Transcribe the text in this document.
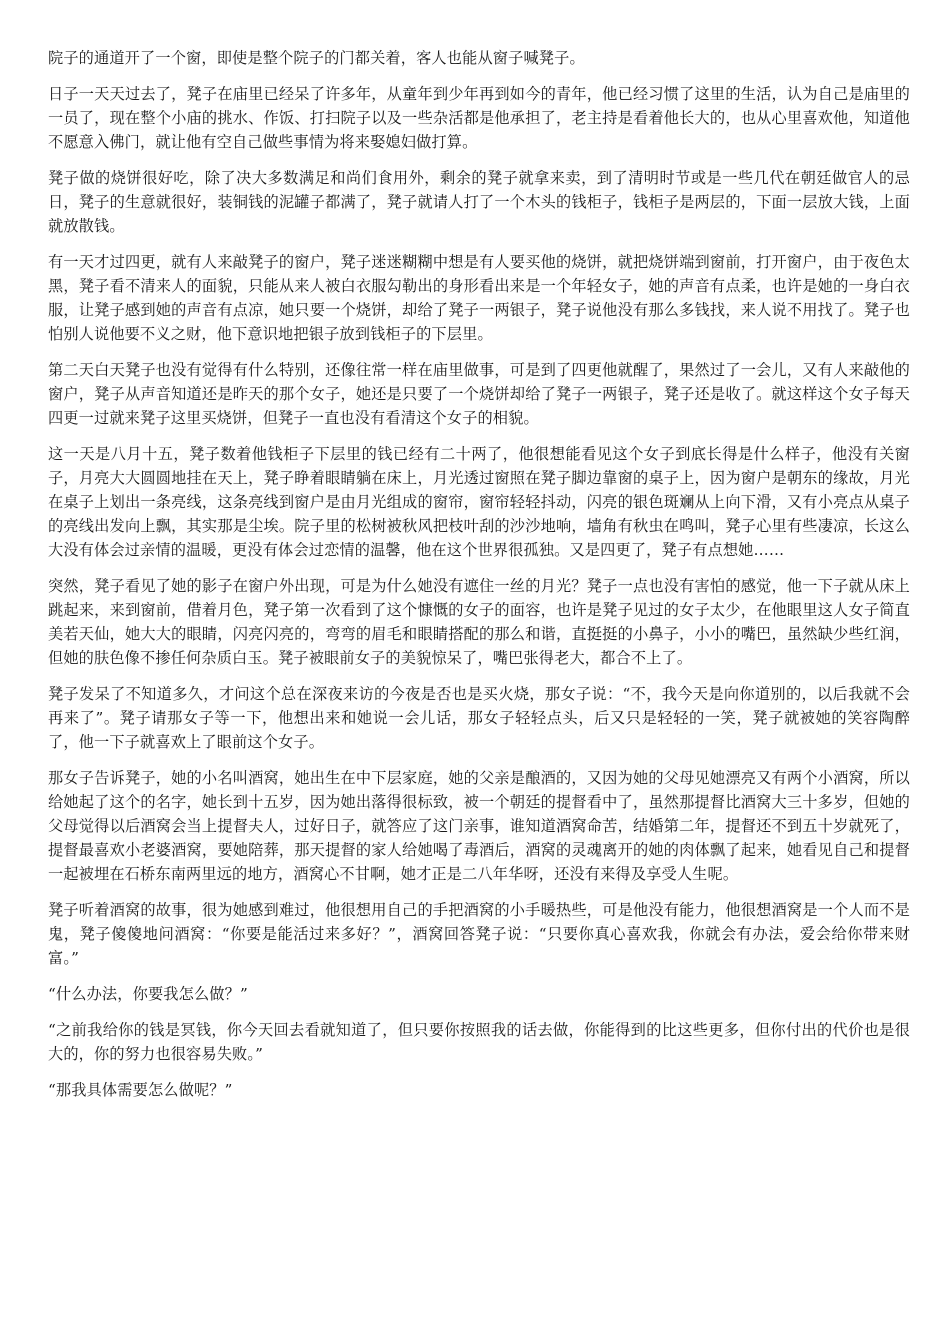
院子的通道开了一个窗，即使是整个院子的门都关着，客人也能从窗子喊凳子。

日子一天天过去了，凳子在庙里已经呆了许多年，从童年到少年再到如今的青年，他已经习惯了这里的生活，认为自己是庙里的一员了，现在整个小庙的挑水、作饭、打扫院子以及一些杂活都是他承担了，老主持是看着他长大的，也从心里喜欢他，知道他不愿意入佛门，就让他有空自己做些事情为将来娶媳妇做打算。

凳子做的烧饼很好吃，除了决大多数满足和尚们食用外，剩余的凳子就拿来卖，到了清明时节或是一些几代在朝廷做官人的忌日，凳子的生意就很好，装铜钱的泥罐子都满了，凳子就请人打了一个木头的钱柜子，钱柜子是两层的，下面一层放大钱，上面就放散钱。

有一天才过四更，就有人来敲凳子的窗户，凳子迷迷糊糊中想是有人要买他的烧饼，就把烧饼端到窗前，打开窗户，由于夜色太黑，凳子看不清来人的面貌，只能从来人被白衣服勾勒出的身形看出来是一个年轻女子，她的声音有点柔，也许是她的一身白衣服，让凳子感到她的声音有点凉，她只要一个烧饼，却给了凳子一两银子，凳子说他没有那么多钱找，来人说不用找了。凳子也怕别人说他要不义之财，他下意识地把银子放到钱柜子的下层里。

第二天白天凳子也没有觉得有什么特别，还像往常一样在庙里做事，可是到了四更他就醒了，果然过了一会儿，又有人来敲他的窗户，凳子从声音知道还是昨天的那个女子，她还是只要了一个烧饼却给了凳子一两银子，凳子还是收了。就这样这个女子每天四更一过就来凳子这里买烧饼，但凳子一直也没有看清这个女子的相貌。

这一天是八月十五，凳子数着他钱柜子下层里的钱已经有二十两了，他很想能看见这个女子到底长得是什么样子，他没有关窗子，月亮大大圆圆地挂在天上，凳子睁着眼睛躺在床上，月光透过窗照在凳子脚边靠窗的桌子上，因为窗户是朝东的缘故，月光在桌子上划出一条亮线，这条亮线到窗户是由月光组成的窗帘，窗帘轻轻抖动，闪亮的银色斑斓从上向下滑，又有小亮点从桌子的亮线出发向上飘，其实那是尘埃。院子里的松树被秋风把枝叶刮的沙沙地响，墙角有秋虫在鸣叫，凳子心里有些凄凉，长这么大没有体会过亲情的温暖，更没有体会过恋情的温馨，他在这个世界很孤独。又是四更了，凳子有点想她……

突然，凳子看见了她的影子在窗户外出现，可是为什么她没有遮住一丝的月光？凳子一点也没有害怕的感觉，他一下子就从床上跳起来，来到窗前，借着月色，凳子第一次看到了这个慷慨的女子的面容，也许是凳子见过的女子太少，在他眼里这人女子简直美若天仙，她大大的眼睛，闪亮闪亮的，弯弯的眉毛和眼睛搭配的那么和谐，直挺挺的小鼻子，小小的嘴巴，虽然缺少些红润，但她的肤色像不掺任何杂质白玉。凳子被眼前女子的美貌惊呆了，嘴巴张得老大，都合不上了。

凳子发呆了不知道多久，才问这个总在深夜来访的今夜是否也是买火烧，那女子说：“不，我今天是向你道别的，以后我就不会再来了”。凳子请那女子等一下，他想出来和她说一会儿话，那女子轻轻点头，后又只是轻轻的一笑，凳子就被她的笑容陶醉了，他一下子就喜欢上了眼前这个女子。

那女子告诉凳子，她的小名叫酒窝，她出生在中下层家庭，她的父亲是酿酒的，又因为她的父母见她漂亮又有两个小酒窝，所以给她起了这个的名字，她长到十五岁，因为她出落得很标致，被一个朝廷的提督看中了，虽然那提督比酒窝大三十多岁，但她的父母觉得以后酒窝会当上提督夫人，过好日子，就答应了这门亲事，谁知道酒窝命苦，结婚第二年，提督还不到五十岁就死了，提督最喜欢小老婆酒窝，要她陪葬，那天提督的家人给她喝了毒酒后，酒窝的灵魂离开的她的肉体飘了起来，她看见自己和提督一起被埋在石桥东南两里远的地方，酒窝心不甘啊，她才正是二八年华呀，还没有来得及享受人生呢。

凳子听着酒窝的故事，很为她感到难过，他很想用自己的手把酒窝的小手暖热些，可是他没有能力，他很想酒窝是一个人而不是鬼，凳子傻傻地问酒窝：“你要是能活过来多好？”，酒窝回答凳子说：“只要你真心喜欢我，你就会有办法，爱会给你带来财富。”

“什么办法，你要我怎么做？”

“之前我给你的钱是冥钱，你今天回去看就知道了，但只要你按照我的话去做，你能得到的比这些更多，但你付出的代价也是很大的，你的努力也很容易失败。”

“那我具体需要怎么做呢？”
